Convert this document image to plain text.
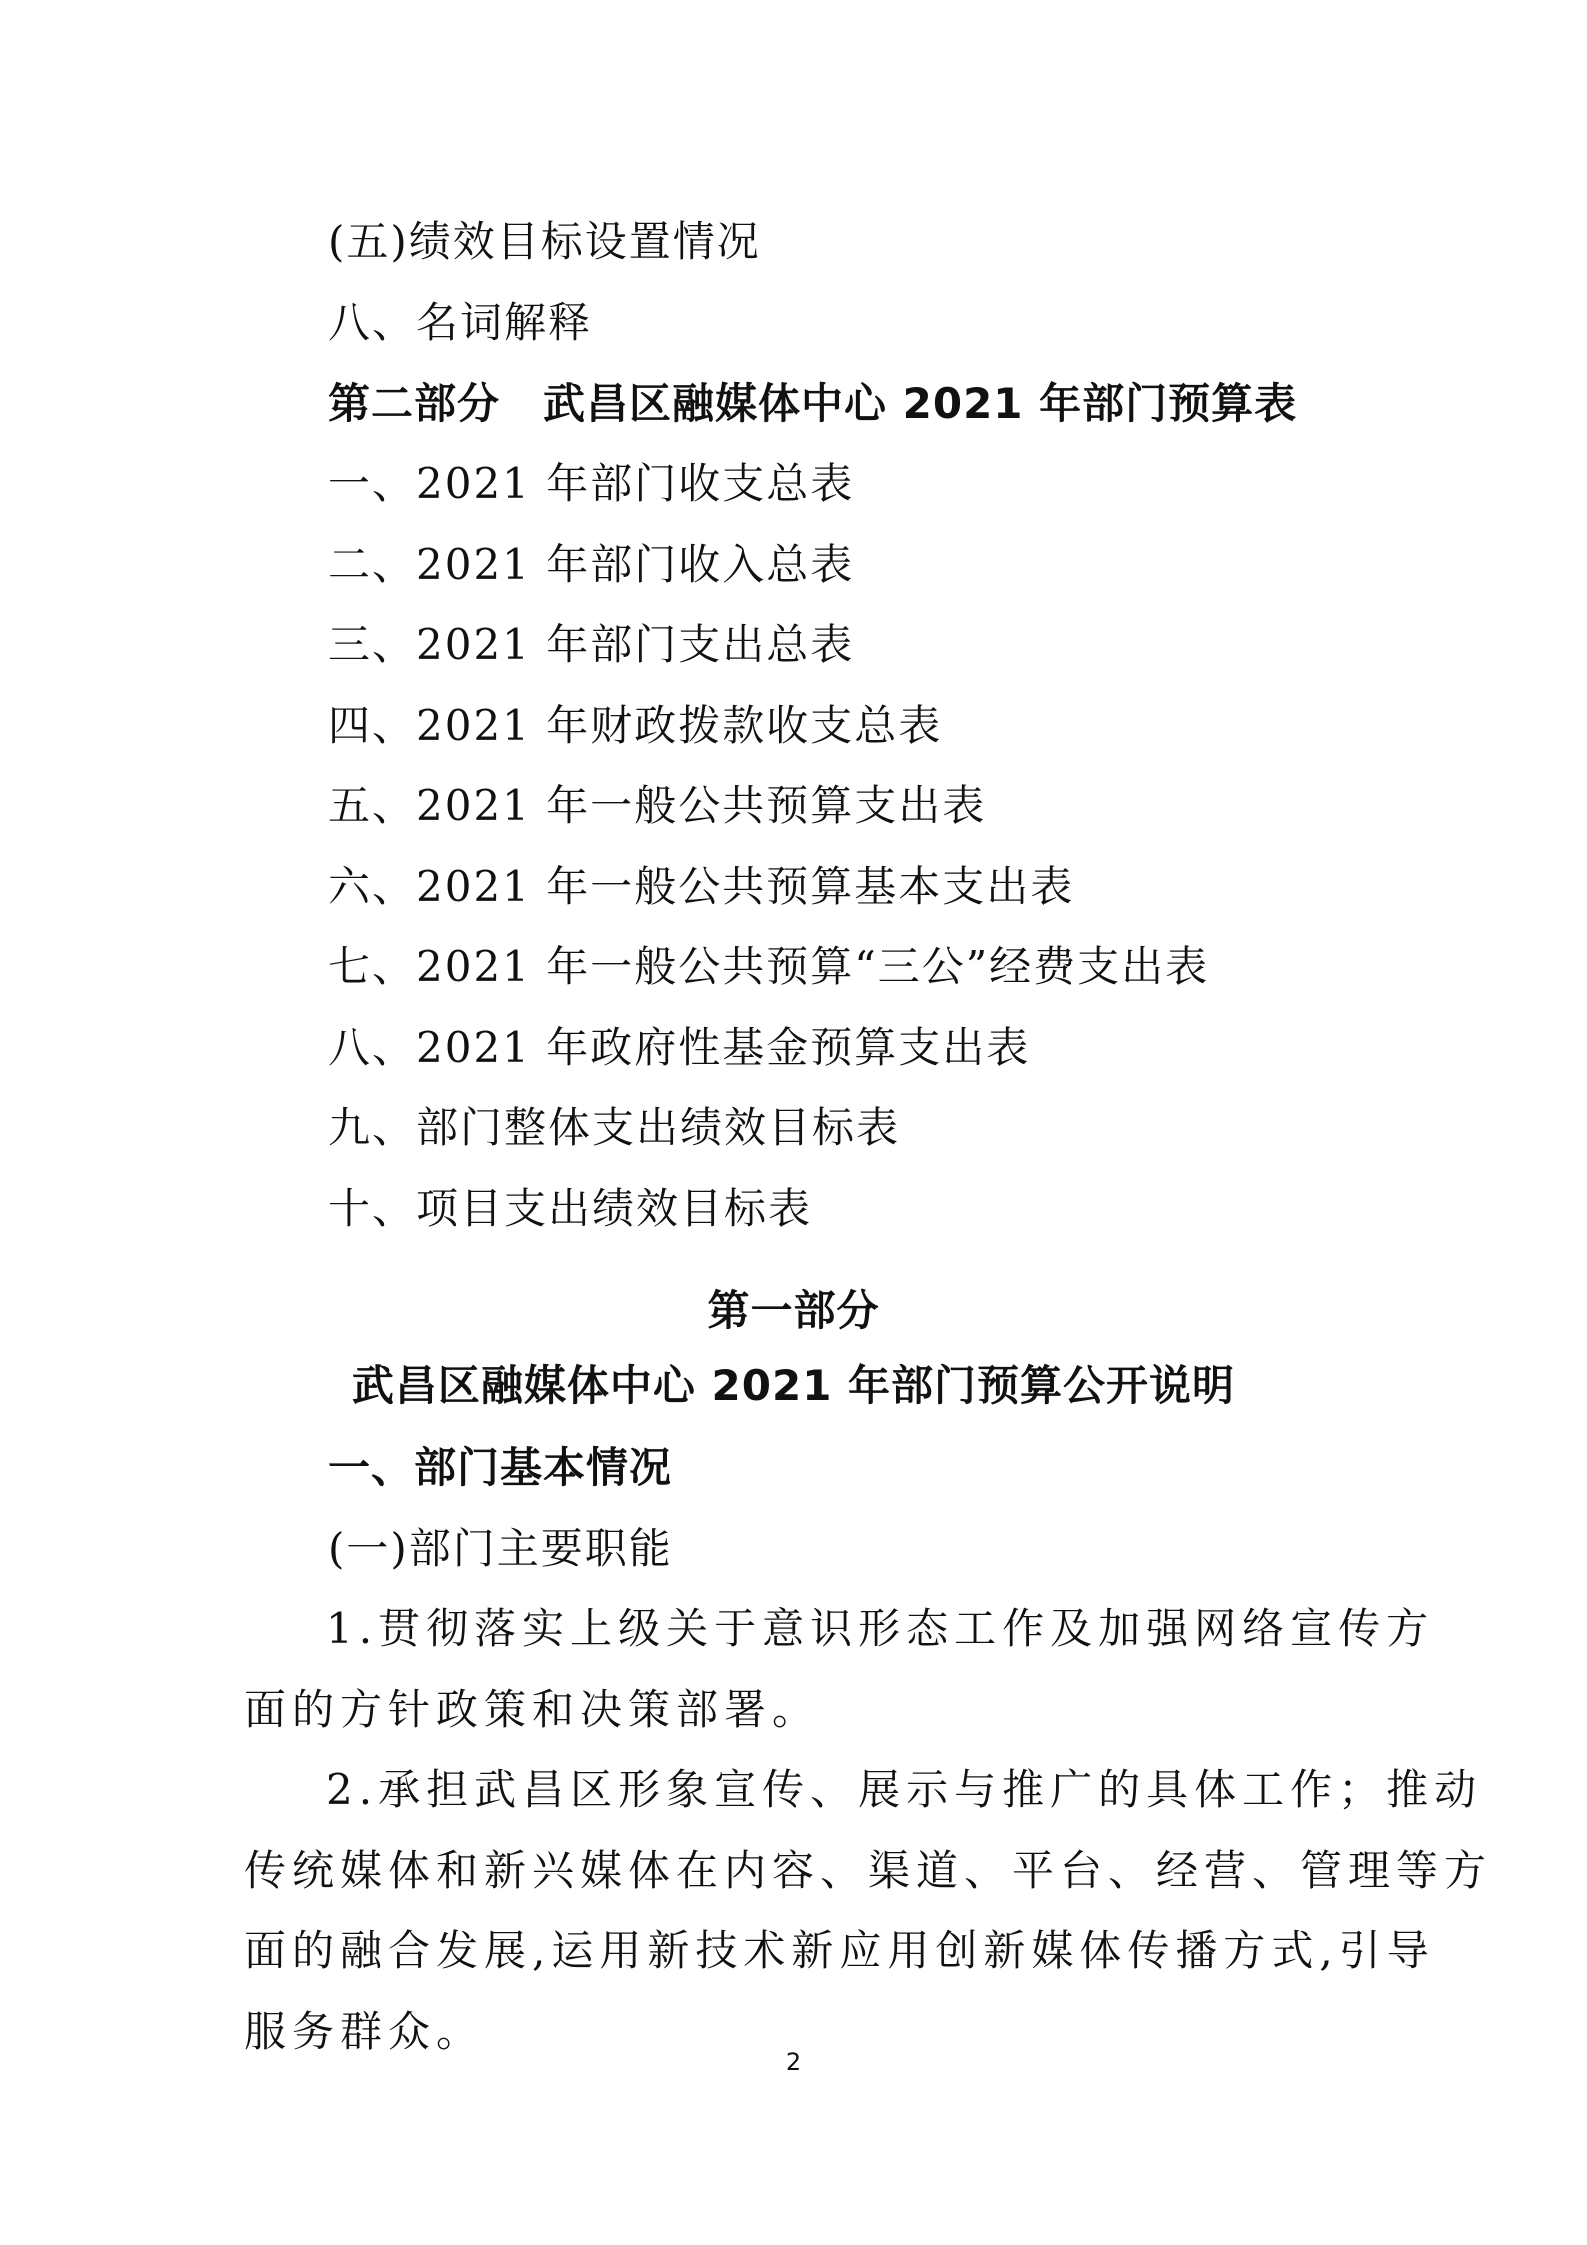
(五)绩效目标设置情况
八、名词解释
第二部分　武昌区融媒体中心 2021 年部门预算表
一、2021 年部门收支总表
二、2021 年部门收入总表
三、2021 年部门支出总表
四、2021 年财政拨款收支总表
五、2021 年一般公共预算支出表
六、2021 年一般公共预算基本支出表
七、2021 年一般公共预算“三公”经费支出表
八、2021 年政府性基金预算支出表
九、部门整体支出绩效目标表
十、项目支出绩效目标表
第一部分
武昌区融媒体中心 2021 年部门预算公开说明
一、部门基本情况
(一)部门主要职能
1.贯彻落实上级关于意识形态工作及加强网络宣传方
面的方针政策和决策部署。
2.承担武昌区形象宣传、展示与推广的具体工作；推动
传统媒体和新兴媒体在内容、渠道、平台、经营、管理等方
面的融合发展,运用新技术新应用创新媒体传播方式,引导
服务群众。
2
